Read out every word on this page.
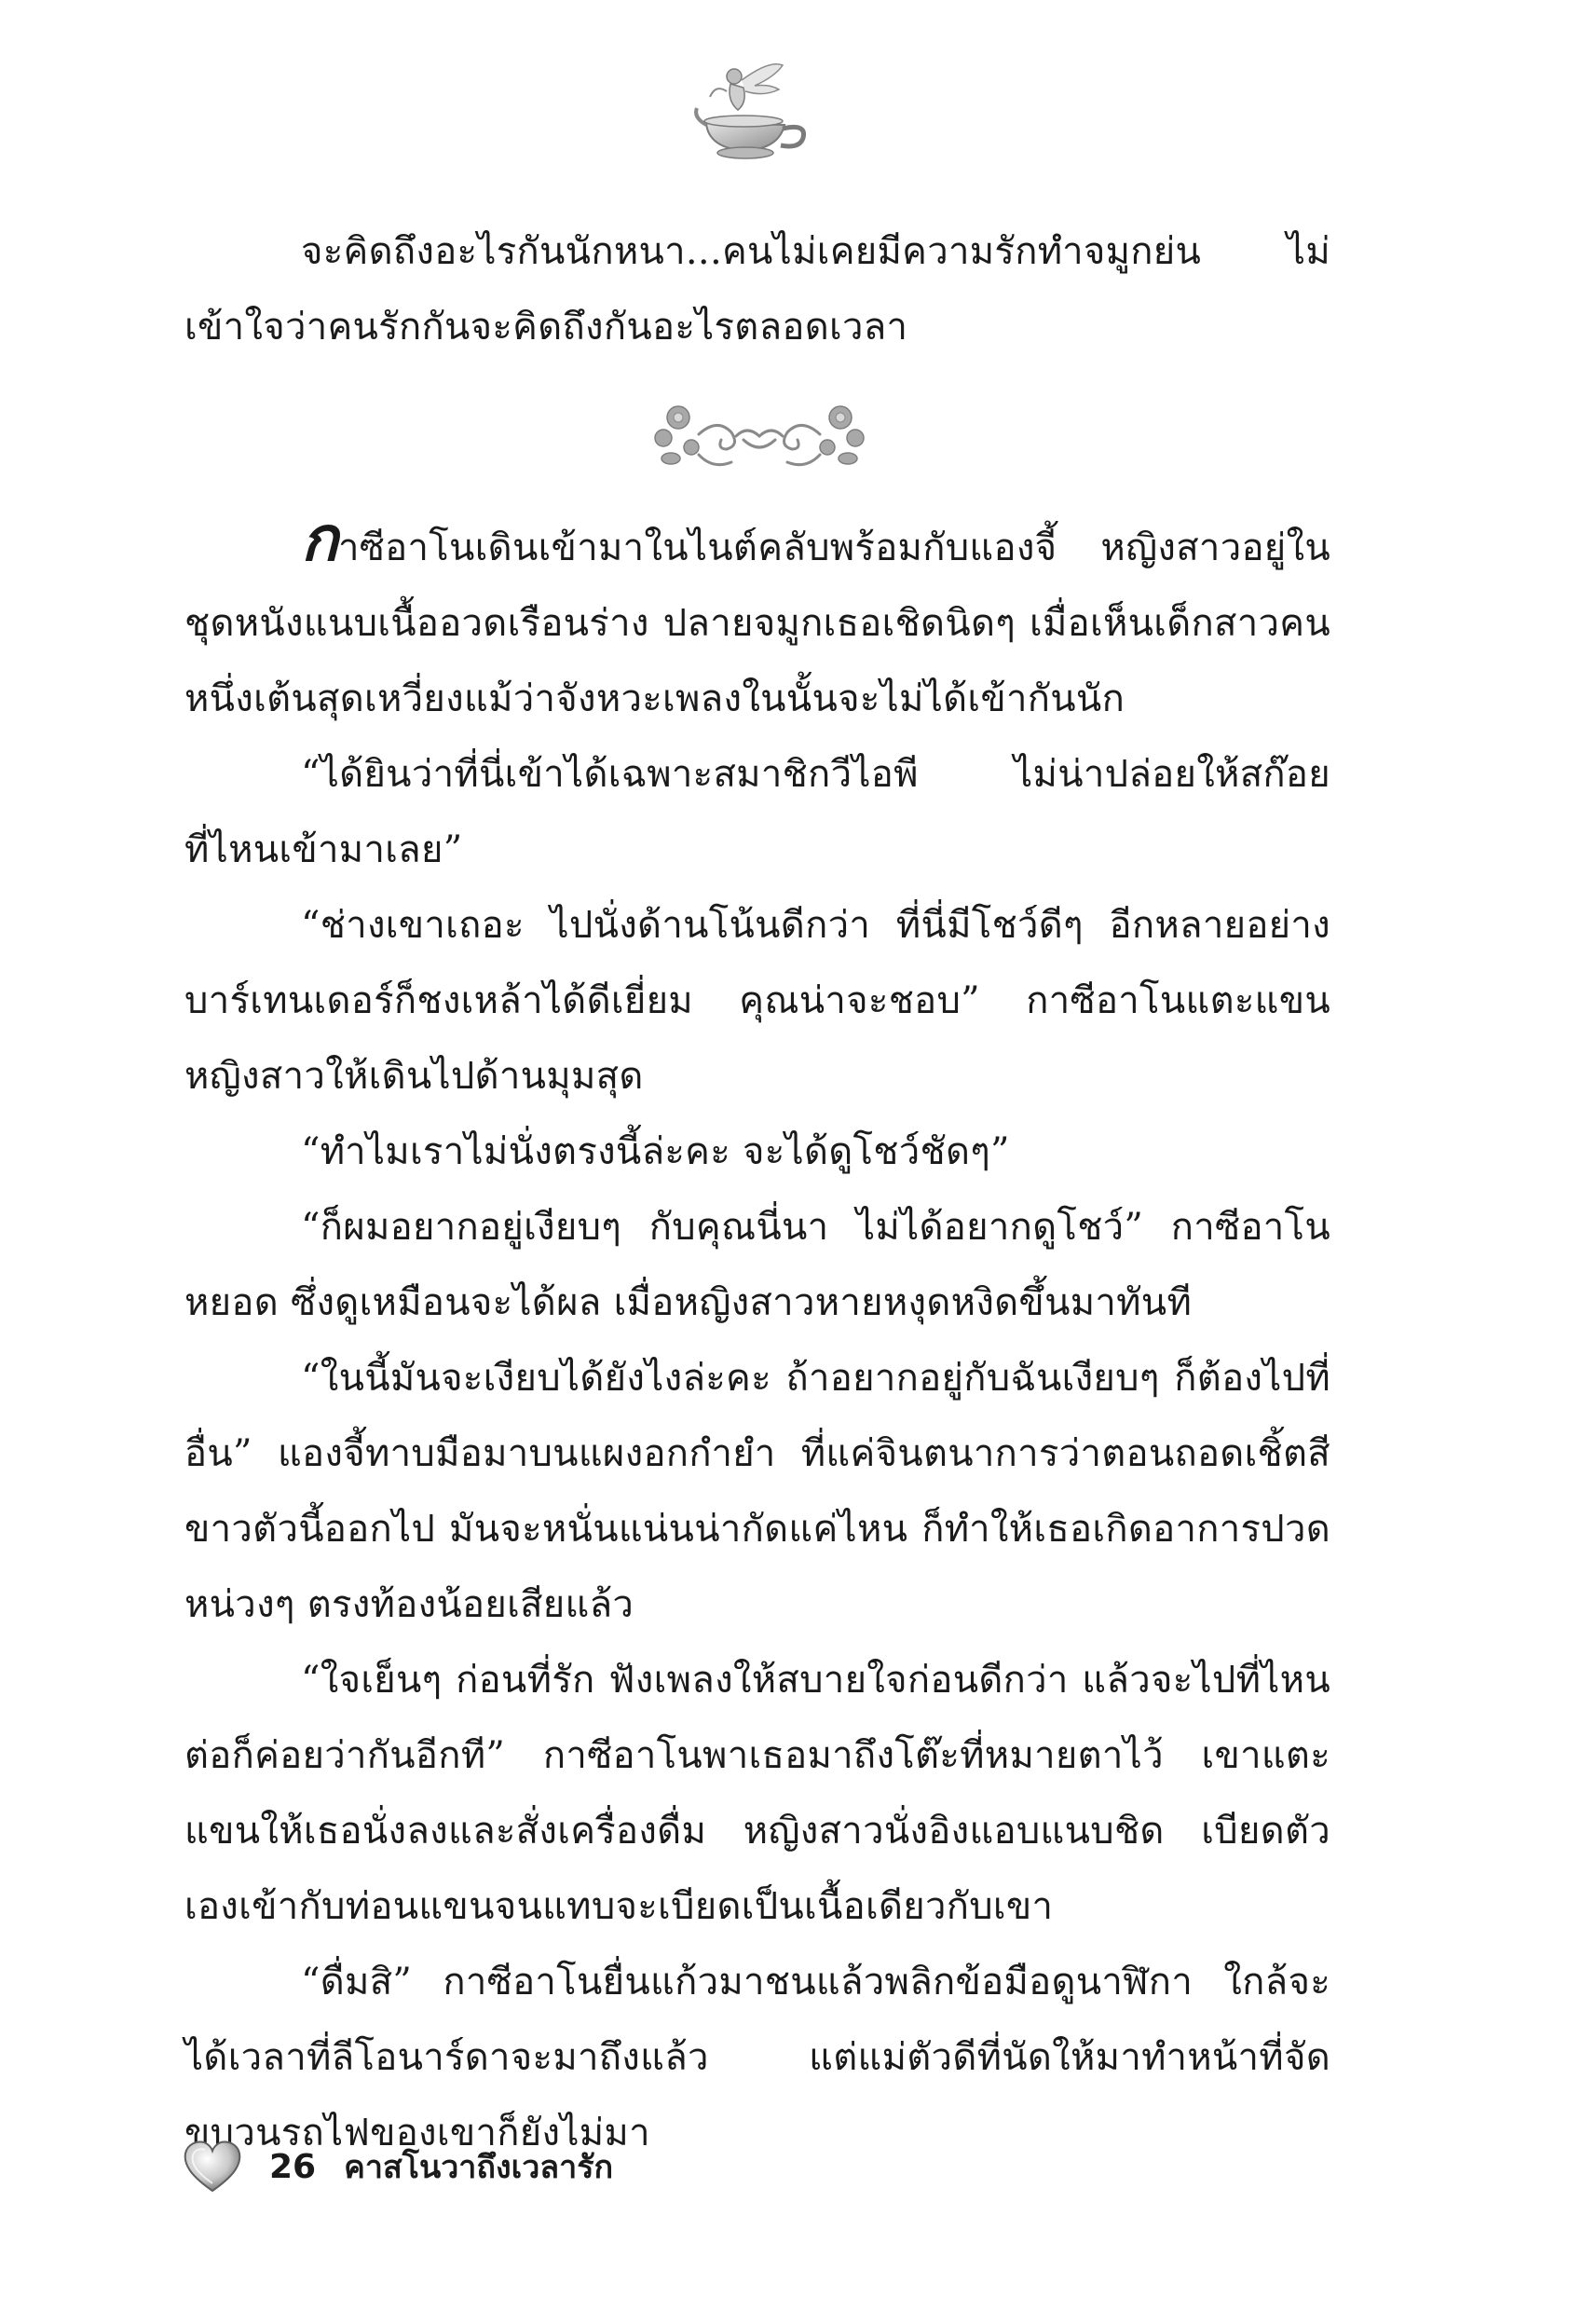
จะคิดถึงอะไรกันนักหนา...คนไม่เคยมีความรักทำจมูกย่น ไม่เข้าใจว่าคนรักกันจะคิดถึงกันอะไรตลอดเวลา

กาซีอาโนเดินเข้ามาในไนต์คลับพร้อมกับแองจี้ หญิงสาวอยู่ในชุดหนังแนบเนื้ออวดเรือนร่าง ปลายจมูกเธอเชิดนิดๆ เมื่อเห็นเด็กสาวคนหนึ่งเต้นสุดเหวี่ยงแม้ว่าจังหวะเพลงในนั้นจะไม่ได้เข้ากันนัก

“ได้ยินว่าที่นี่เข้าได้เฉพาะสมาชิกวีไอพี ไม่น่าปล่อยให้สก๊อยที่ไหนเข้ามาเลย”

“ช่างเขาเถอะ ไปนั่งด้านโน้นดีกว่า ที่นี่มีโชว์ดีๆ อีกหลายอย่าง บาร์เทนเดอร์ก็ชงเหล้าได้ดีเยี่ยม คุณน่าจะชอบ” กาซีอาโนแตะแขนหญิงสาวให้เดินไปด้านมุมสุด

“ทำไมเราไม่นั่งตรงนี้ล่ะคะ จะได้ดูโชว์ชัดๆ”

“ก็ผมอยากอยู่เงียบๆ กับคุณนี่นา ไม่ได้อยากดูโชว์” กาซีอาโนหยอด ซึ่งดูเหมือนจะได้ผล เมื่อหญิงสาวหายหงุดหงิดขึ้นมาทันที

“ในนี้มันจะเงียบได้ยังไงล่ะคะ ถ้าอยากอยู่กับฉันเงียบๆ ก็ต้องไปที่อื่น” แองจี้ทาบมือมาบนแผงอกกำยำ ที่แค่จินตนาการว่าตอนถอดเชิ้ตสีขาวตัวนี้ออกไป มันจะหนั่นแน่นน่ากัดแค่ไหน ก็ทำให้เธอเกิดอาการปวดหน่วงๆ ตรงท้องน้อยเสียแล้ว

“ใจเย็นๆ ก่อนที่รัก ฟังเพลงให้สบายใจก่อนดีกว่า แล้วจะไปที่ไหนต่อก็ค่อยว่ากันอีกที” กาซีอาโนพาเธอมาถึงโต๊ะที่หมายตาไว้ เขาแตะแขนให้เธอนั่งลงและสั่งเครื่องดื่ม หญิงสาวนั่งอิงแอบแนบชิด เบียดตัวเองเข้ากับท่อนแขนจนแทบจะเบียดเป็นเนื้อเดียวกับเขา

“ดื่มสิ” กาซีอาโนยื่นแก้วมาชนแล้วพลิกข้อมือดูนาฬิกา ใกล้จะได้เวลาที่ลีโอนาร์ดาจะมาถึงแล้ว แต่แม่ตัวดีที่นัดให้มาทำหน้าที่จัดขบวนรถไฟของเขาก็ยังไม่มา

26 คาสโนวาถึงเวลารัก
